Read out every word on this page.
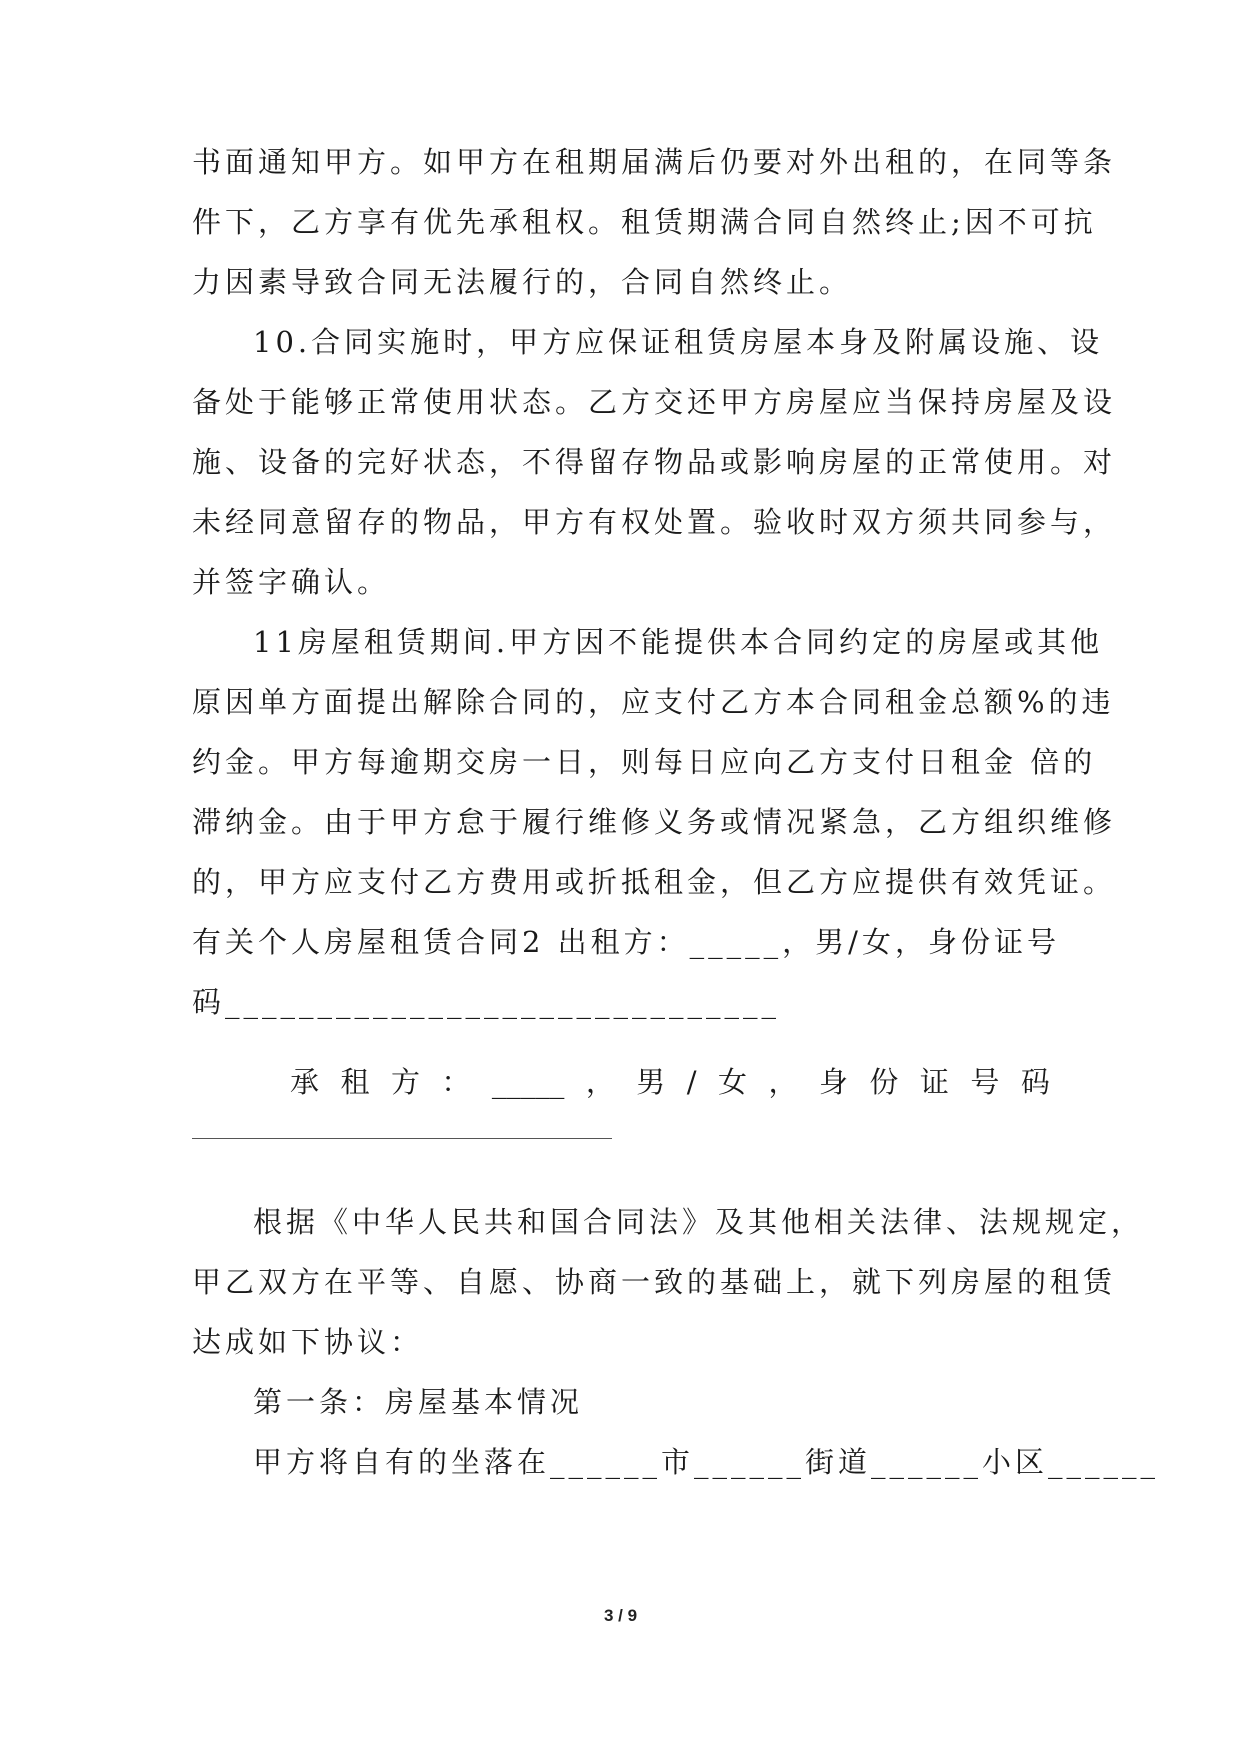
书面通知甲方。如甲方在租期届满后仍要对外出租的，在同等条
件下，乙方享有优先承租权。租赁期满合同自然终止;因不可抗
力因素导致合同无法履行的，合同自然终止。
10.合同实施时，甲方应保证租赁房屋本身及附属设施、设
备处于能够正常使用状态。乙方交还甲方房屋应当保持房屋及设
施、设备的完好状态，不得留存物品或影响房屋的正常使用。对
未经同意留存的物品，甲方有权处置。验收时双方须共同参与，
并签字确认。
11房屋租赁期间.甲方因不能提供本合同约定的房屋或其他
原因单方面提出解除合同的，应支付乙方本合同租金总额%的违
约金。甲方每逾期交房一日，则每日应向乙方支付日租金 倍的
滞纳金。由于甲方怠于履行维修义务或情况紧急，乙方组织维修
的，甲方应支付乙方费用或折抵租金，但乙方应提供有效凭证。
有关个人房屋租赁合同2 出租方：_____，男/女，身份证号
码______________________________
承 租 方 ： _____ ， 男 / 女 ， 身 份 证 号 码
根据《中华人民共和国合同法》及其他相关法律、法规规定，
甲乙双方在平等、自愿、协商一致的基础上，就下列房屋的租赁
达成如下协议：
第一条：房屋基本情况
甲方将自有的坐落在______市______街道______小区______
3 / 9
